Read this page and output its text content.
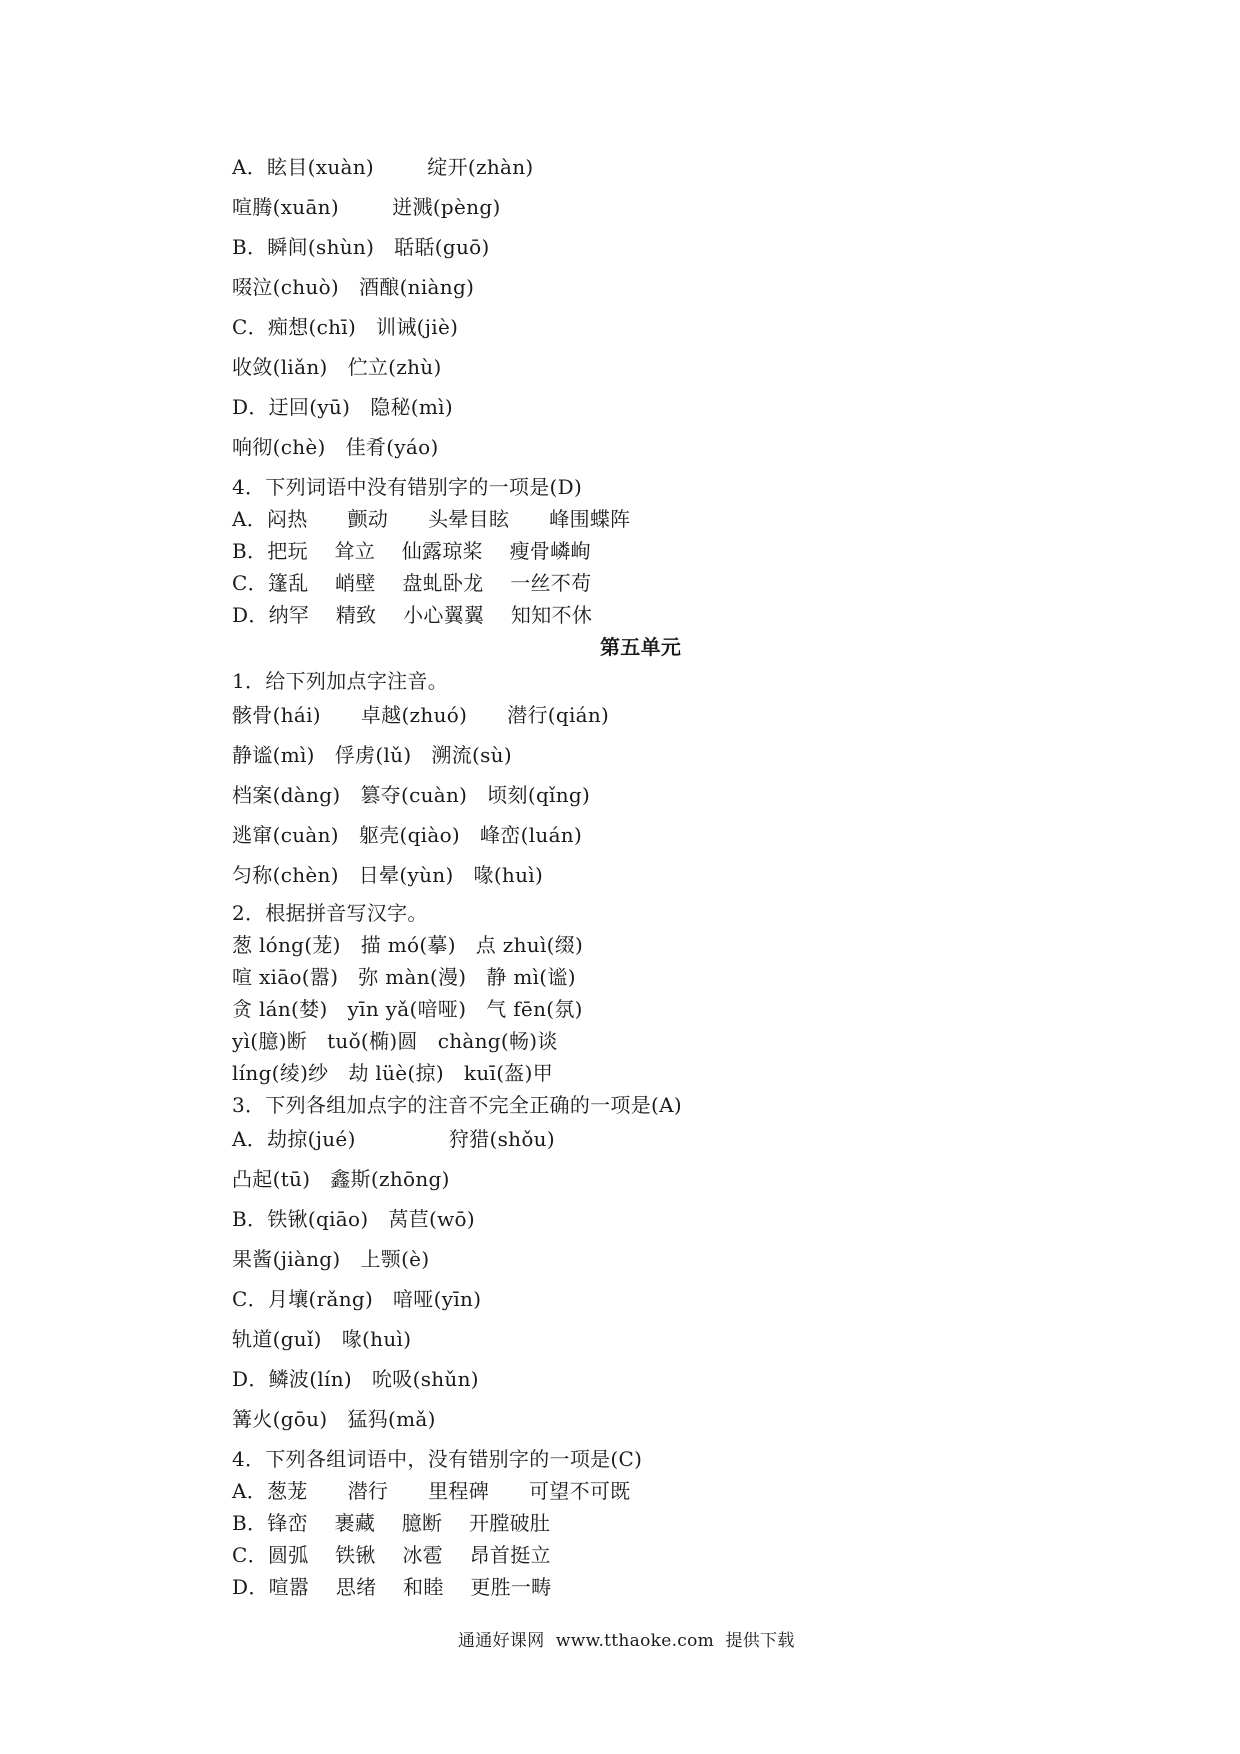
A．眩目(xuàn)        绽开(zhàn)
喧腾(xuān)        迸溅(pèng)
B．瞬间(shùn)   聒聒(guō)
啜泣(chuò)   酒酿(niàng)
C．痴想(chī)   训诫(jiè)
收敛(liǎn)   伫立(zhù)
D．迂回(yū)   隐秘(mì)
响彻(chè)   佳肴(yáo)
4．下列词语中没有错别字的一项是(D)
A．闷热      颤动      头晕目眩      峰围蝶阵
B．把玩    耸立    仙露琼桨    瘦骨嶙峋
C．篷乱    峭壁    盘虬卧龙    一丝不苟
D．纳罕    精致    小心翼翼    知知不休
第五单元
1．给下列加点字注音。
骸骨(hái)      卓越(zhuó)      潜行(qián)
静谧(mì)   俘虏(lǔ)   溯流(sù)
档案(dàng)   篡夺(cuàn)   顷刻(qǐng)
逃窜(cuàn)   躯壳(qiào)   峰峦(luán)
匀称(chèn)   日晕(yùn)   喙(huì)
2．根据拼音写汉字。
葱 lóng(茏)   描 mó(摹)   点 zhuì(缀)
喧 xiāo(嚣)   弥 màn(漫)   静 mì(谧)
贪 lán(婪)   yīn yǎ(喑哑)   气 fēn(氛)
yì(臆)断   tuǒ(椭)圆   chàng(畅)谈
líng(绫)纱   劫 lüè(掠)   kuī(盔)甲
3．下列各组加点字的注音不完全正确的一项是(A)
A．劫掠(jué)              狩猎(shǒu)
凸起(tū)   鑫斯(zhōng)
B．铁锹(qiāo)   莴苣(wō)
果酱(jiàng)   上颚(è)
C．月壤(rǎng)   喑哑(yīn)
轨道(guǐ)   喙(huì)
D．鳞波(lín)   吮吸(shǔn)
篝火(gōu)   猛犸(mǎ)
4．下列各组词语中，没有错别字的一项是(C)
A．葱茏      潜行      里程碑      可望不可既
B．锋峦    裹藏    臆断    开膛破肚
C．圆弧    铁锹    冰雹    昂首挺立
D．喧嚣    思绪    和睦    更胜一畴
通通好课网  www.tthaoke.com  提供下载
